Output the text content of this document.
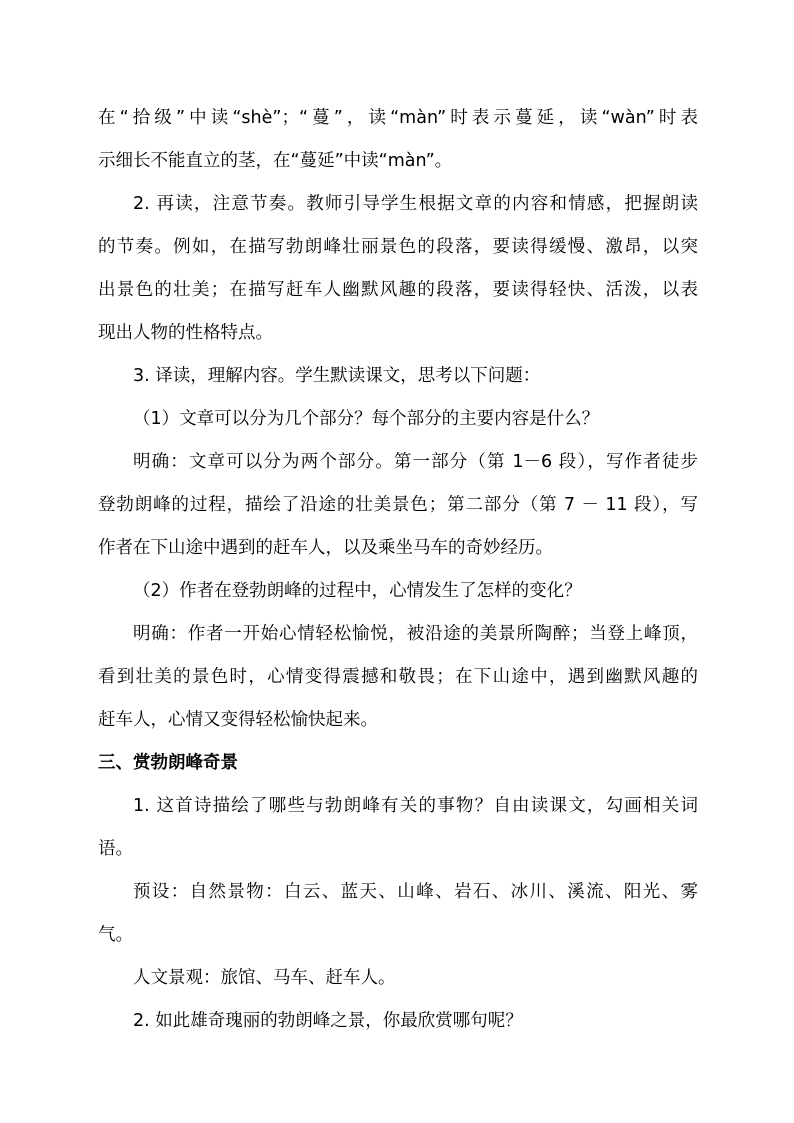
在“拾级”中读“shè”；“蔓”，读“màn”时表示蔓延，读“wàn”时表
示细长不能直立的茎，在“蔓延”中读“màn”。
2. 再读，注意节奏。教师引导学生根据文章的内容和情感，把握朗读
的节奏。例如，在描写勃朗峰壮丽景色的段落，要读得缓慢、激昂，以突
出景色的壮美；在描写赶车人幽默风趣的段落，要读得轻快、活泼，以表
现出人物的性格特点。
3. 译读，理解内容。学生默读课文，思考以下问题：
（1）文章可以分为几个部分？每个部分的主要内容是什么？
明确：文章可以分为两个部分。第一部分（第 1－6 段），写作者徒步
登勃朗峰的过程，描绘了沿途的壮美景色；第二部分（第 7 － 11 段），写
作者在下山途中遇到的赶车人，以及乘坐马车的奇妙经历。
（2）作者在登勃朗峰的过程中，心情发生了怎样的变化？
明确：作者一开始心情轻松愉悦，被沿途的美景所陶醉；当登上峰顶，
看到壮美的景色时，心情变得震撼和敬畏；在下山途中，遇到幽默风趣的
赶车人，心情又变得轻松愉快起来。
三、赏勃朗峰奇景
1. 这首诗描绘了哪些与勃朗峰有关的事物？自由读课文，勾画相关词
语。
预设：自然景物：白云、蓝天、山峰、岩石、冰川、溪流、阳光、雾
气。
人文景观：旅馆、马车、赶车人。
2. 如此雄奇瑰丽的勃朗峰之景，你最欣赏哪句呢？
